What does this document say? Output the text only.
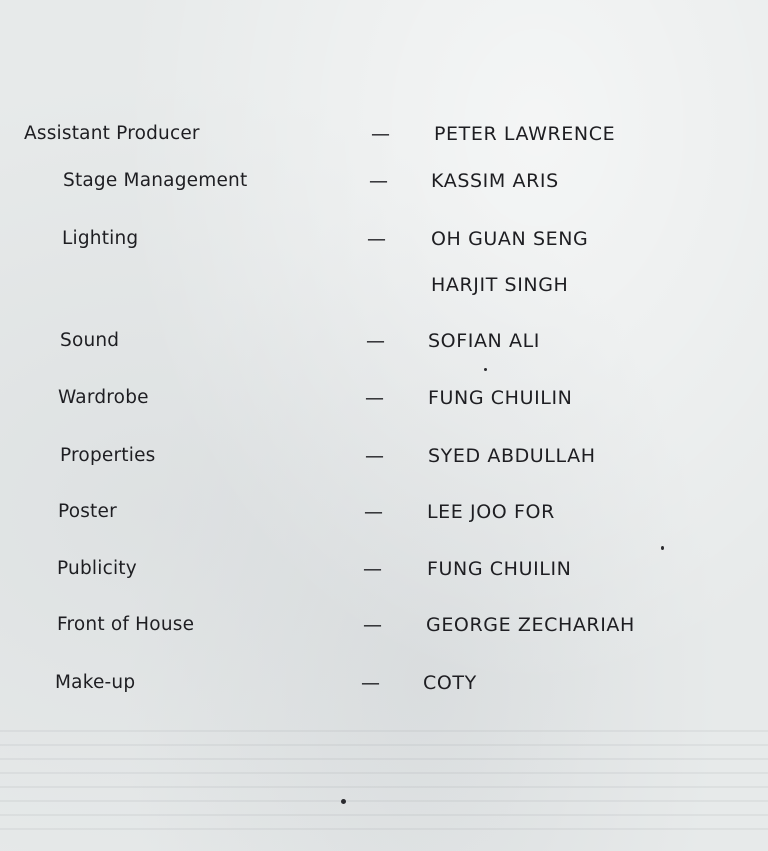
Assistant Producer	— PETER LAWRENCE
Stage Management	— KASSIM ARIS
Lighting	— OH GUAN SENG
HARJIT SINGH
Sound	— SOFIAN ALI
Wardrobe	— FUNG CHUILIN
Properties	— SYED ABDULLAH
Poster	— LEE JOO FOR
Publicity	— FUNG CHUILIN
Front of House	— GEORGE ZECHARIAH
Make-up	— COTY
